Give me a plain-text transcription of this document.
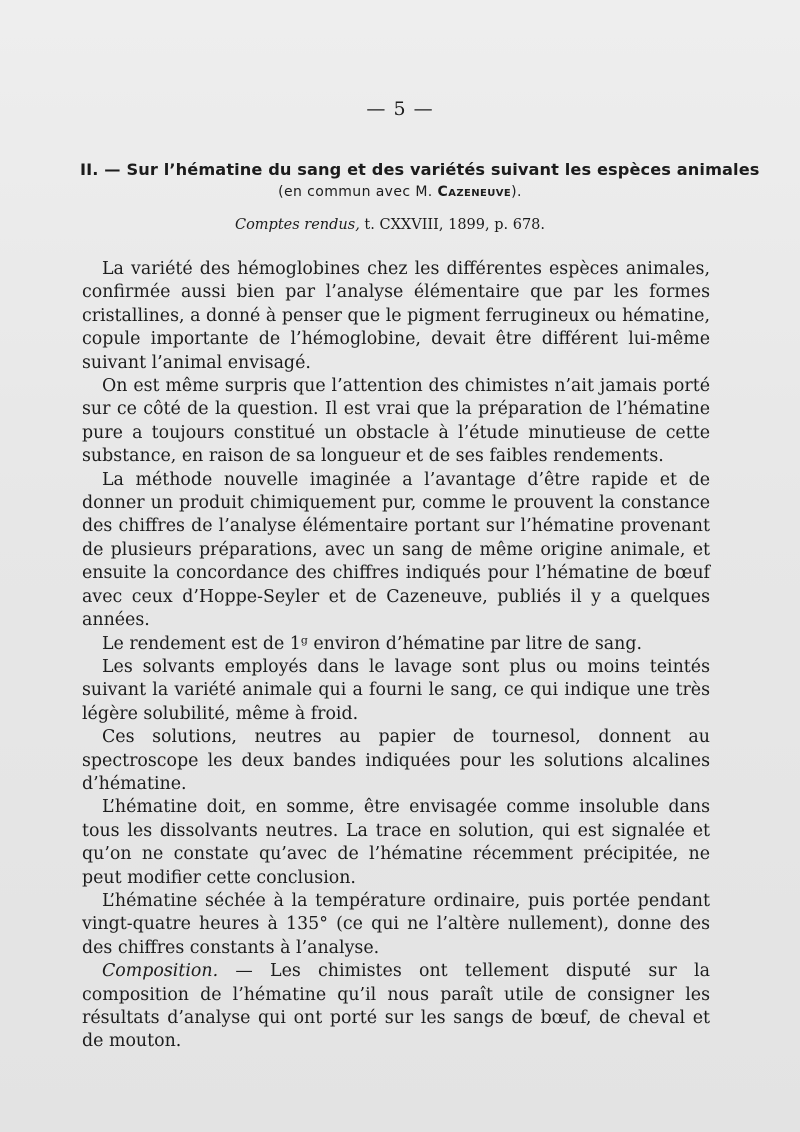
— 5 —
II. — Sur l’hématine du sang et des variétés suivant les espèces animales
(en commun avec M. Cazeneuve).
Comptes rendus, t. CXXVIII, 1899, p. 678.

La variété des hémoglobines chez les différentes espèces animales, confirmée aussi bien par l’analyse élémentaire que par les formes cristallines, a donné à penser que le pigment ferrugineux ou hématine, copule importante de l’hémoglobine, devait être différent lui-même suivant l’animal envisagé.

On est même surpris que l’attention des chimistes n’ait jamais porté sur ce côté de la question. Il est vrai que la préparation de l’hématine pure a toujours constitué un obstacle à l’étude minutieuse de cette substance, en raison de sa longueur et de ses faibles rendements.

La méthode nouvelle imaginée a l’avantage d’être rapide et de donner un produit chimiquement pur, comme le prouvent la constance des chiffres de l’analyse élémentaire portant sur l’hématine provenant de plusieurs préparations, avec un sang de même origine animale, et ensuite la concordance des chiffres indiqués pour l’hématine de bœuf avec ceux d’Hoppe-Seyler et de Cazeneuve, publiés il y a quelques années.

Le rendement est de 1ᵍ environ d’hématine par litre de sang.

Les solvants employés dans le lavage sont plus ou moins teintés suivant la variété animale qui a fourni le sang, ce qui indique une très légère solubilité, même à froid.

Ces solutions, neutres au papier de tournesol, donnent au spectroscope les deux bandes indiquées pour les solutions alcalines d’hématine.

L’hématine doit, en somme, être envisagée comme insoluble dans tous les dissolvants neutres. La trace en solution, qui est signalée et qu’on ne constate qu’avec de l’hématine récemment précipitée, ne peut modifier cette conclusion.

L’hématine séchée à la température ordinaire, puis portée pendant vingt-quatre heures à 135° (ce qui ne l’altère nullement), donne des des chiffres constants à l’analyse.

Composition. — Les chimistes ont tellement disputé sur la composition de l’hématine qu’il nous paraît utile de consigner les résultats d’analyse qui ont porté sur les sangs de bœuf, de cheval et de mouton.
